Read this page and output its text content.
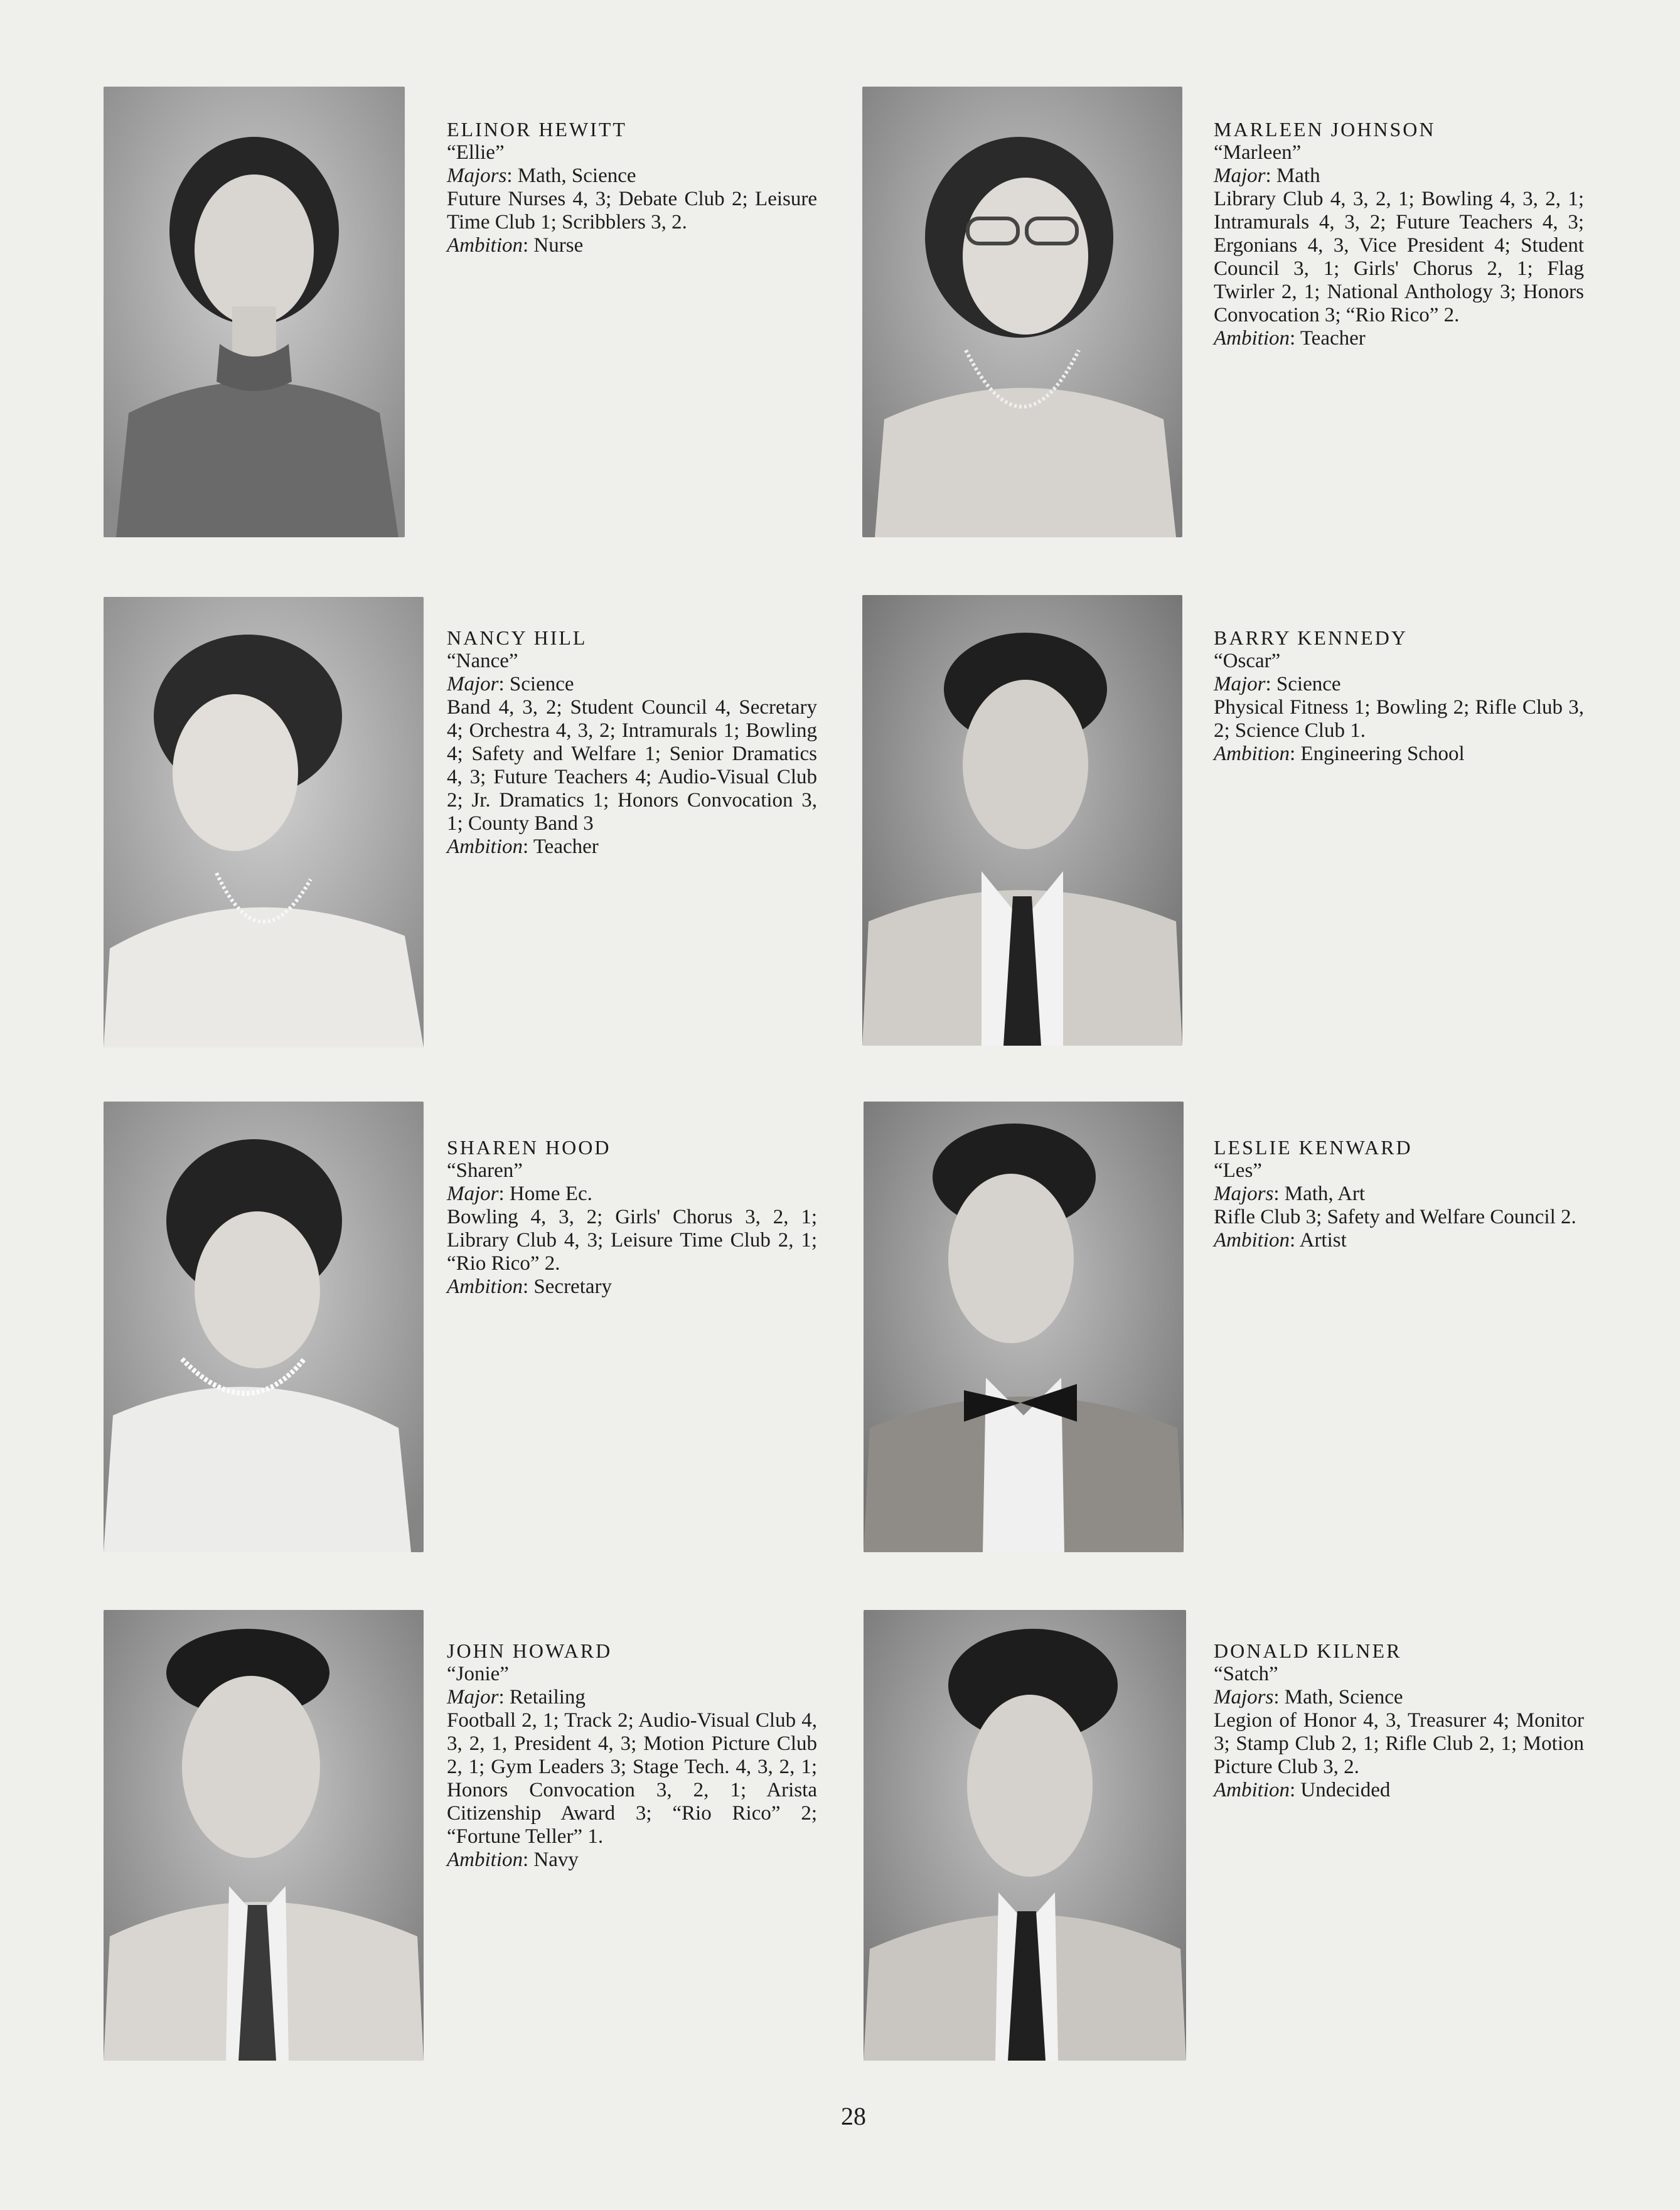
ELINOR HEWITT
“Ellie”
Majors: Math, Science
Future Nurses 4, 3; Debate Club 2; Leisure Time Club 1; Scribblers 3, 2.
Ambition: Nurse
MARLEEN JOHNSON
“Marleen”
Major: Math
Library Club 4, 3, 2, 1; Bowling 4, 3, 2, 1; Intramurals 4, 3, 2; Future Teachers 4, 3; Ergonians 4, 3, Vice President 4; Student Council 3, 1; Girls' Chorus 2, 1; Flag Twirler 2, 1; National Anthology 3; Honors Convocation 3; “Rio Rico” 2.
Ambition: Teacher
NANCY HILL
“Nance”
Major: Science
Band 4, 3, 2; Student Council 4, Secretary 4; Orchestra 4, 3, 2; Intramurals 1; Bowling 4; Safety and Welfare 1; Senior Dramatics 4, 3; Future Teachers 4; Audio-Visual Club 2; Jr. Dramatics 1; Honors Convocation 3, 1; County Band 3
Ambition: Teacher
BARRY KENNEDY
“Oscar”
Major: Science
Physical Fitness 1; Bowling 2; Rifle Club 3, 2; Science Club 1.
Ambition: Engineering School
SHAREN HOOD
“Sharen”
Major: Home Ec.
Bowling 4, 3, 2; Girls' Chorus 3, 2, 1; Library Club 4, 3; Leisure Time Club 2, 1; “Rio Rico” 2.
Ambition: Secretary
LESLIE KENWARD
“Les”
Majors: Math, Art
Rifle Club 3; Safety and Welfare Council 2.
Ambition: Artist
JOHN HOWARD
“Jonie”
Major: Retailing
Football 2, 1; Track 2; Audio-Visual Club 4, 3, 2, 1, President 4, 3; Motion Picture Club 2, 1; Gym Leaders 3; Stage Tech. 4, 3, 2, 1; Honors Convocation 3, 2, 1; Arista Citizenship Award 3; “Rio Rico” 2; “Fortune Teller” 1.
Ambition: Navy
DONALD KILNER
“Satch”
Majors: Math, Science
Legion of Honor 4, 3, Treasurer 4; Monitor 3; Stamp Club 2, 1; Rifle Club 2, 1; Motion Picture Club 3, 2.
Ambition: Undecided
28
